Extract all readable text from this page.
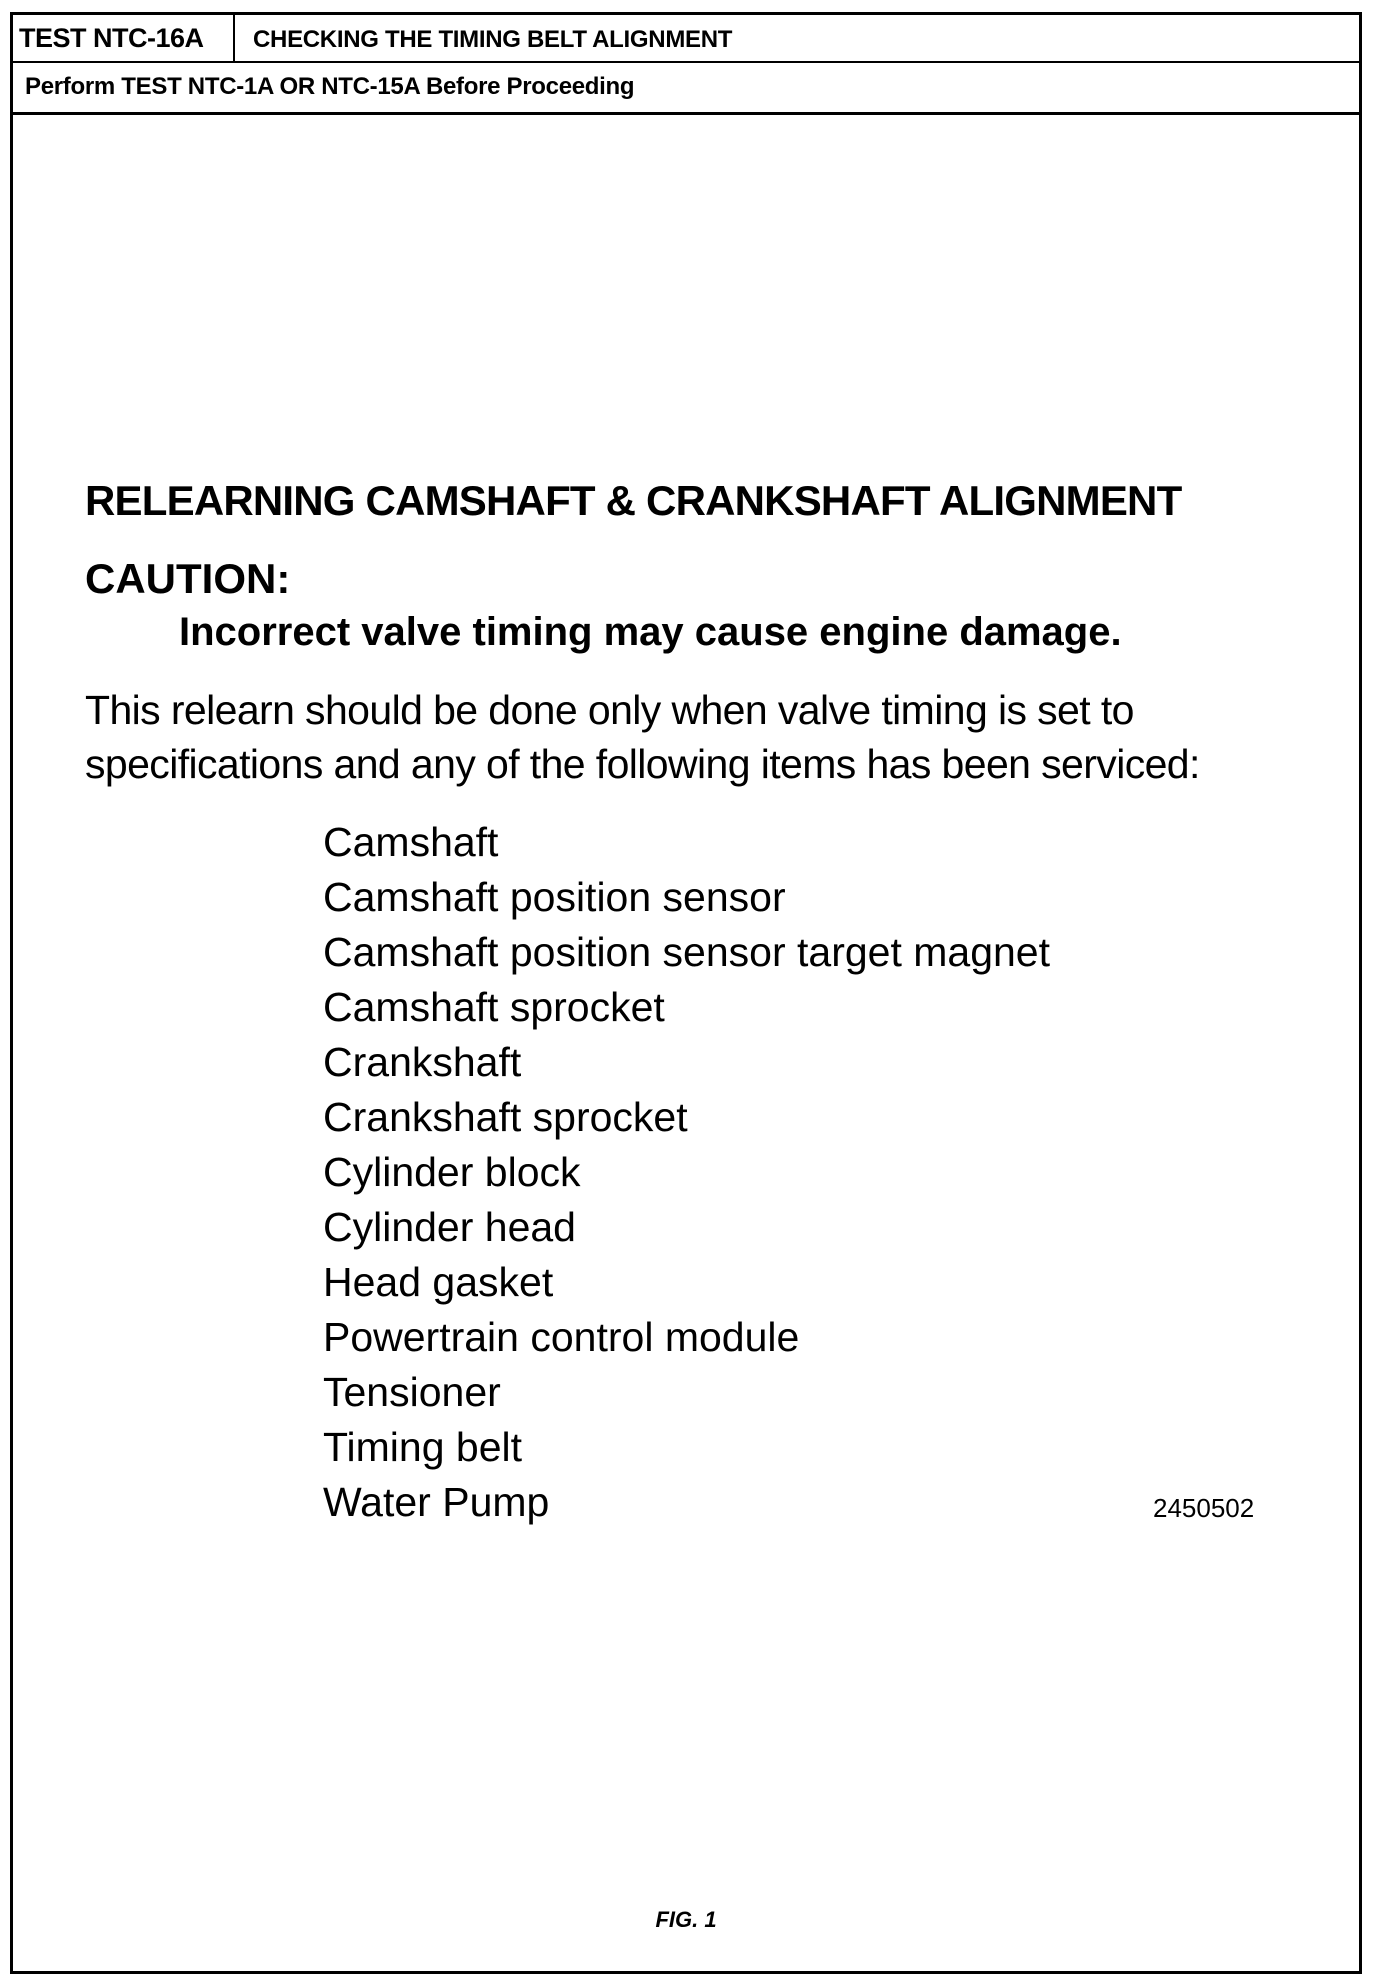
TEST NTC-16A	CHECKING THE TIMING BELT ALIGNMENT
Perform TEST NTC-1A OR NTC-15A Before Proceeding
RELEARNING CAMSHAFT & CRANKSHAFT ALIGNMENT
CAUTION:
Incorrect valve timing may cause engine damage.
This relearn should be done only when valve timing is set to specifications and any of the following items has been serviced:
Camshaft
Camshaft position sensor
Camshaft position sensor target magnet
Camshaft sprocket
Crankshaft
Crankshaft sprocket
Cylinder block
Cylinder head
Head gasket
Powertrain control module
Tensioner
Timing belt
Water Pump	2450502
FIG. 1
